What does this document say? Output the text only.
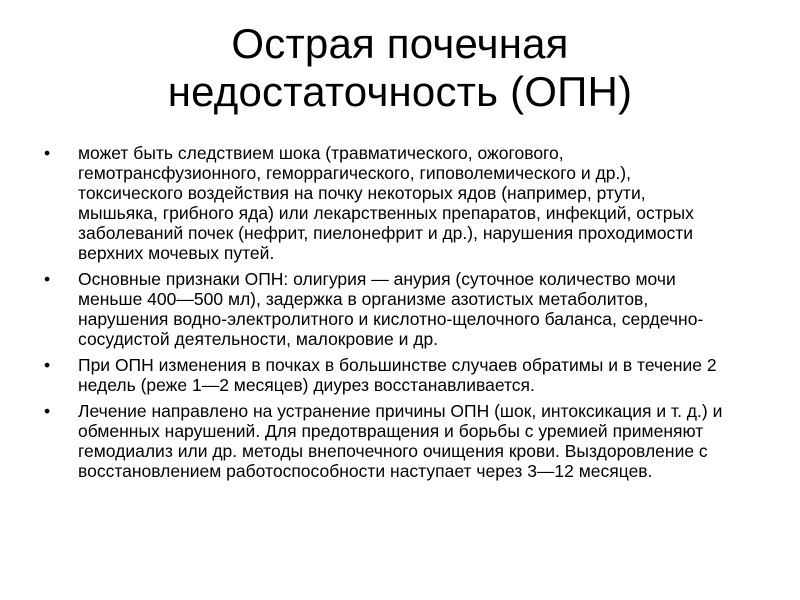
Острая почечная
недостаточность (ОПН)
• может быть следствием шока (травматического, ожогового, гемотрансфузионного, геморрагического, гиповолемического и др.), токсического воздействия на почку некоторых ядов (например, ртути, мышьяка, грибного яда) или лекарственных препаратов, инфекций, острых заболеваний почек (нефрит, пиелонефрит и др.), нарушения проходимости верхних мочевых путей.
• Основные признаки ОПН: олигурия — анурия (суточное количество мочи меньше 400—500 мл), задержка в организме азотистых метаболитов, нарушения водно-электролитного и кислотно-щелочного баланса, сердечно-сосудистой деятельности, малокровие и др.
• При ОПН изменения в почках в большинстве случаев обратимы и в течение 2 недель (реже 1—2 месяцев) диурез восстанавливается.
• Лечение направлено на устранение причины ОПН (шок, интоксикация и т. д.) и обменных нарушений. Для предотвращения и борьбы с уремией применяют гемодиализ или др. методы внепочечного очищения крови. Выздоровление с восстановлением работоспособности наступает через 3—12 месяцев.
